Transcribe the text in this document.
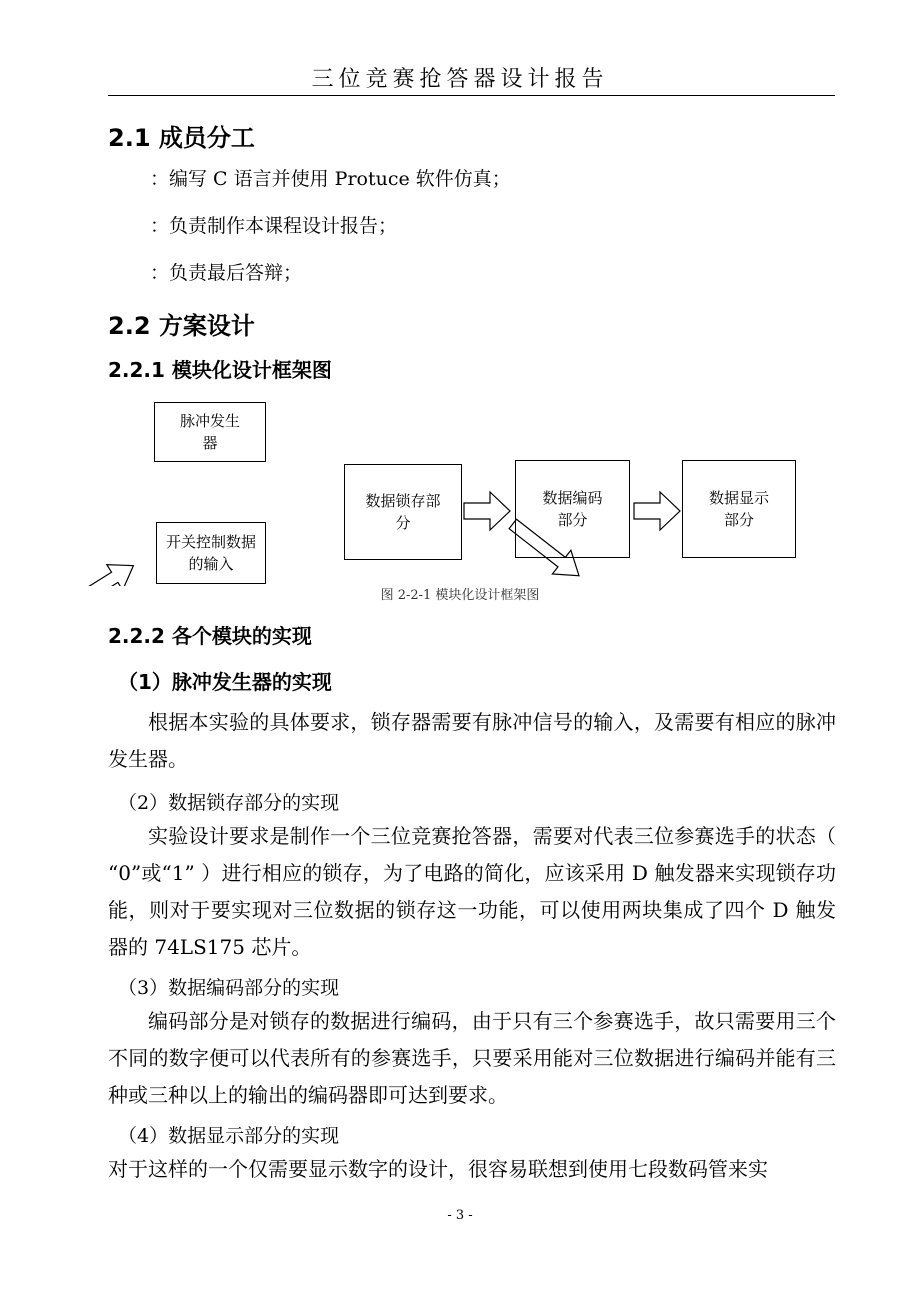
三位竞赛抢答器设计报告
2.1 成员分工
：编写 C 语言并使用 Protuce 软件仿真；
：负责制作本课程设计报告；
：负责最后答辩；
2.2 方案设计
2.2.1 模块化设计框架图
脉冲发生器
开关控制数据的输入
数据锁存部分
数据编码部分
数据显示部分
图 2-2-1 模块化设计框架图
2.2.2 各个模块的实现
（1）脉冲发生器的实现

根据本实验的具体要求，锁存器需要有脉冲信号的输入，及需要有相应的脉冲发生器。

（2）数据锁存部分的实现

实验设计要求是制作一个三位竞赛抢答器，需要对代表三位参赛选手的状态（ “0”或“1” ）进行相应的锁存，为了电路的简化，应该采用 D 触发器来实现锁存功能，则对于要实现对三位数据的锁存这一功能，可以使用两块集成了四个 D 触发器的 74LS175 芯片。

（3）数据编码部分的实现

编码部分是对锁存的数据进行编码，由于只有三个参赛选手，故只需要用三个不同的数字便可以代表所有的参赛选手，只要采用能对三位数据进行编码并能有三种或三种以上的输出的编码器即可达到要求。

（4）数据显示部分的实现

对于这样的一个仅需要显示数字的设计，很容易联想到使用七段数码管来实

- 3 -
